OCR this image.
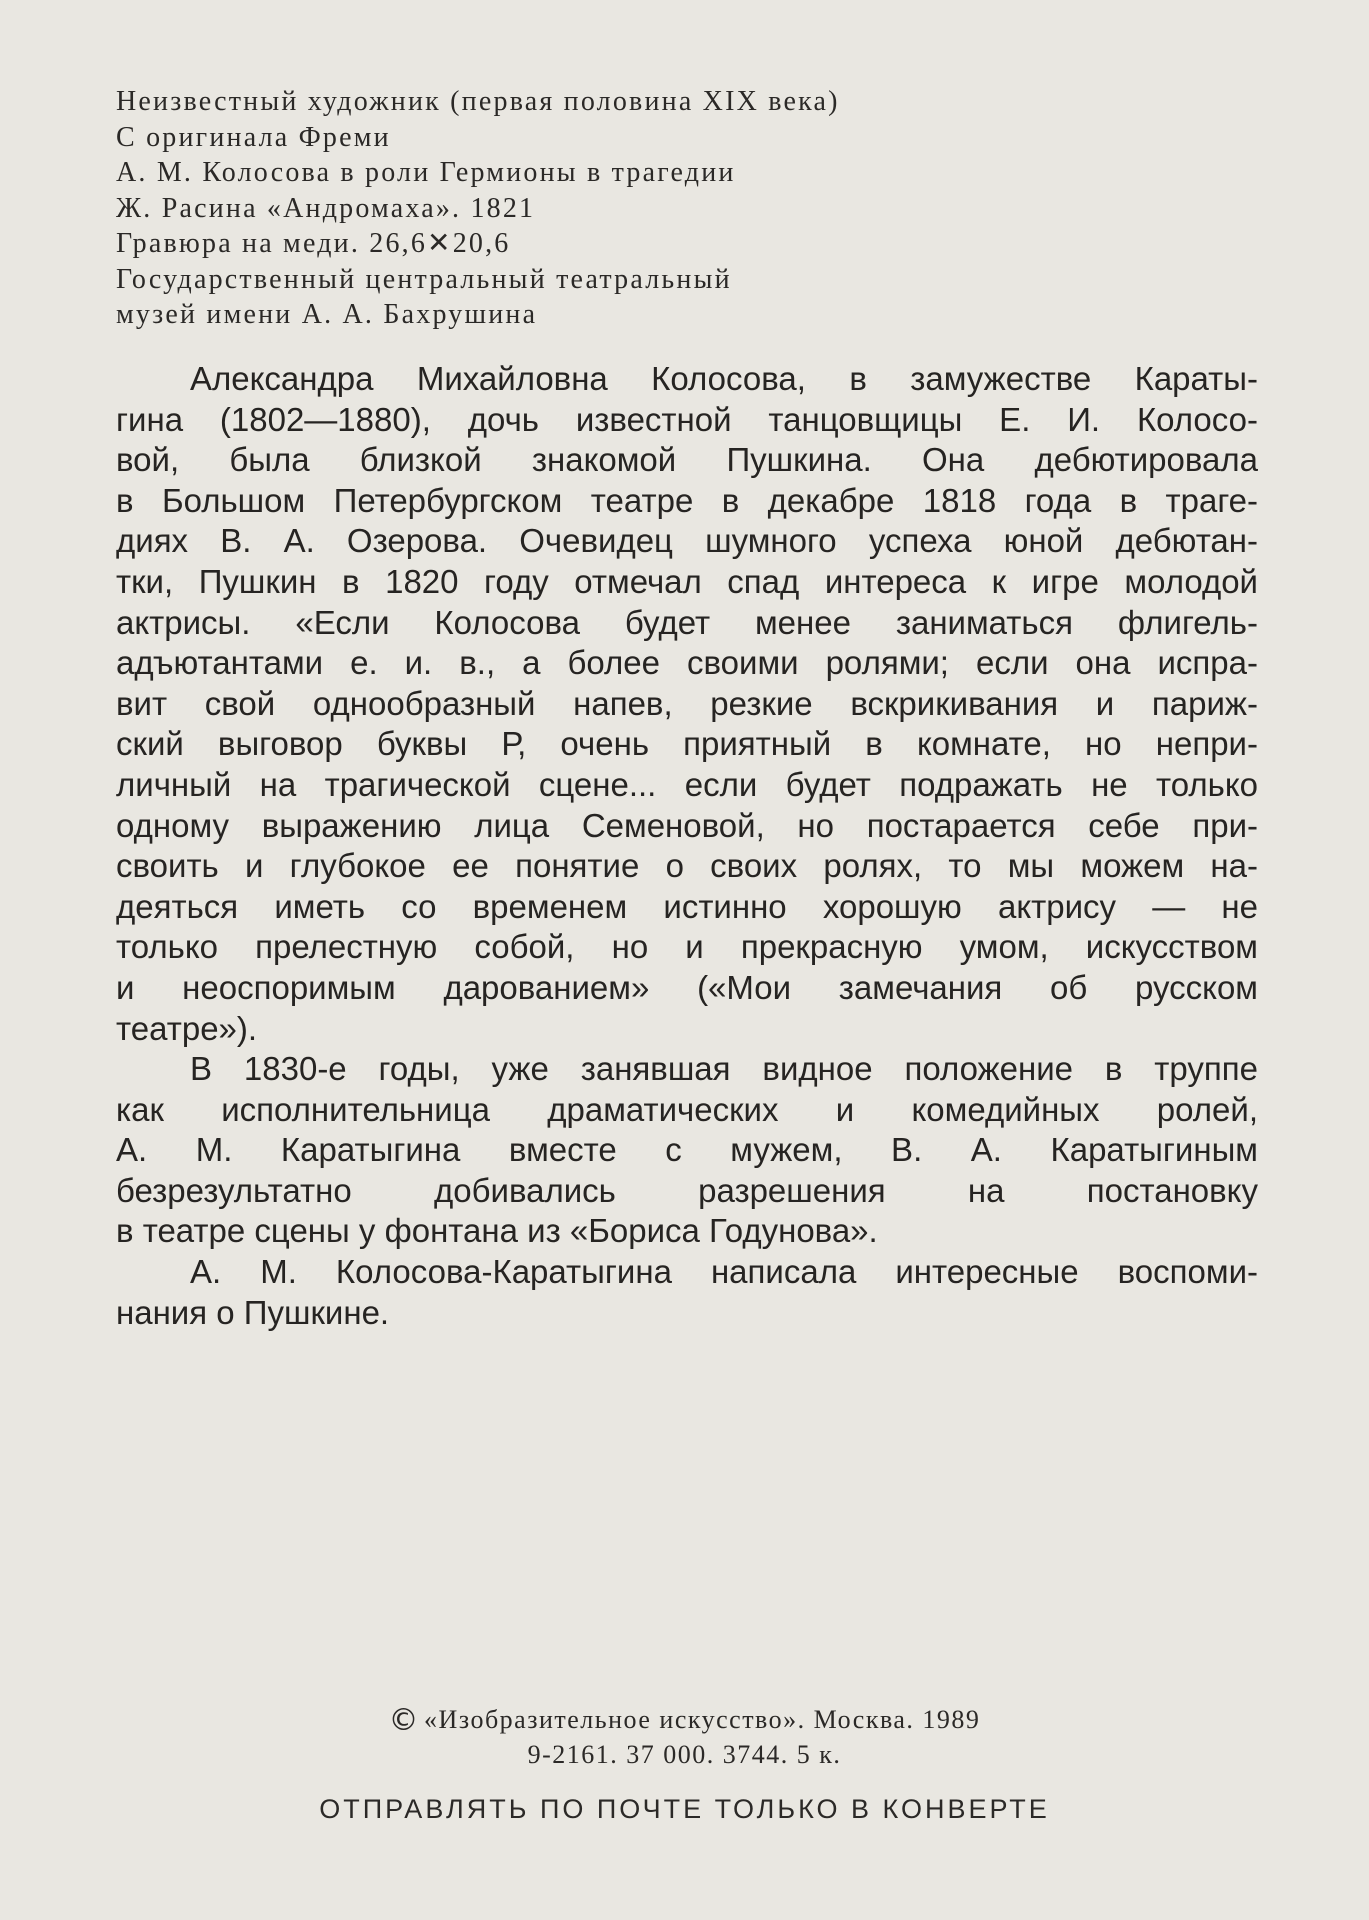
Неизвестный художник (первая половина XIX века)
С оригинала Фреми
А. М. Колосова в роли Гермионы в трагедии
Ж. Расина «Андромаха». 1821
Гравюра на меди. 26,6✕20,6
Государственный центральный театральный
музей имени А. А. Бахрушина
Александра Михайловна Колосова, в замужестве Караты-
гина (1802—1880), дочь известной танцовщицы Е. И. Колосо-
вой, была близкой знакомой Пушкина. Она дебютировала
в Большом Петербургском театре в декабре 1818 года в траге-
диях В. А. Озерова. Очевидец шумного успеха юной дебютан-
тки, Пушкин в 1820 году отмечал спад интереса к игре молодой
актрисы. «Если Колосова будет менее заниматься флигель-
адъютантами е. и. в., а более своими ролями; если она испра-
вит свой однообразный напев, резкие вскрикивания и париж-
ский выговор буквы Р, очень приятный в комнате, но непри-
личный на трагической сцене... если будет подражать не только
одному выражению лица Семеновой, но постарается себе при-
своить и глубокое ее понятие о своих ролях, то мы можем на-
деяться иметь со временем истинно хорошую актрису — не
только прелестную собой, но и прекрасную умом, искусством
и неоспоримым дарованием» («Мои замечания об русском
театре»).
В 1830-е годы, уже занявшая видное положение в труппе
как исполнительница драматических и комедийных ролей,
А. М. Каратыгина вместе с мужем, В. А. Каратыгиным
безрезультатно добивались разрешения на постановку
в театре сцены у фонтана из «Бориса Годунова».
А. М. Колосова-Каратыгина написала интересные воспоми-
нания о Пушкине.
© «Изобразительное искусство». Москва. 1989
9-2161. 37 000. 3744. 5 к.
ОТПРАВЛЯТЬ ПО ПОЧТЕ ТОЛЬКО В КОНВЕРТЕ
